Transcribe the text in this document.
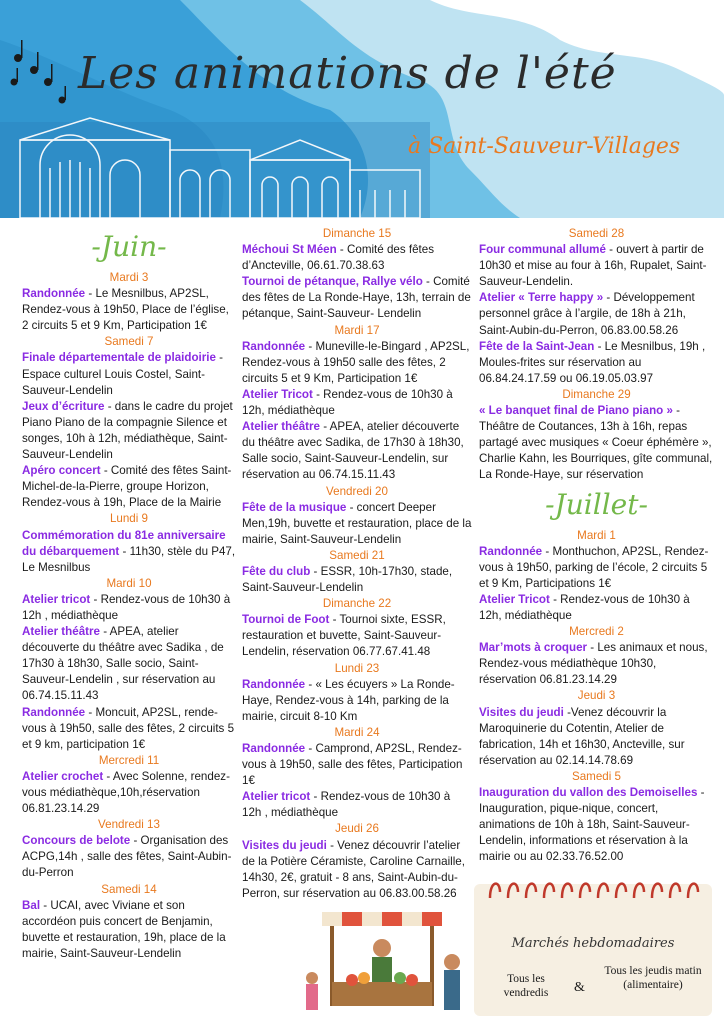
Les animations de l'été
à Saint-Sauveur-Villages
-Juin-
Mardi 3

Randonnée - Le Mesnilbus, AP2SL, Rendez-vous à 19h50, Place de l’église, 2 circuits 5 et 9 Km, Participation 1€

Samedi 7

Finale départementale de plaidoirie - Espace culturel Louis Costel, Saint-Sauveur-Lendelin

Jeux d’écriture - dans le cadre du projet Piano Piano de la compagnie Silence et songes, 10h à 12h, médiathèque, Saint-Sauveur-Lendelin

Apéro concert - Comité des fêtes Saint-Michel-de-la-Pierre, groupe Horizon, Rendez-vous à 19h, Place de la Mairie

Lundi 9

Commémoration du 81e anniversaire du débarquement - 11h30, stèle du P47, Le Mesnilbus

Mardi 10

Atelier tricot - Rendez-vous de 10h30 à 12h , médiathèque

Atelier théâtre - APEA, atelier découverte du théâtre avec Sadika , de 17h30 à 18h30, Salle socio, Saint-Sauveur-Lendelin , sur réservation au 06.74.15.11.43

Randonnée - Moncuit, AP2SL, rende-vous à 19h50, salle des fêtes, 2 circuits 5 et 9 km, participation 1€

Mercredi 11

Atelier crochet - Avec Solenne, rendez-vous médiathèque,10h,réservation 06.81.23.14.29

Vendredi 13

Concours de belote - Organisation des ACPG,14h , salle des fêtes, Saint-Aubin-du-Perron

Samedi 14

Bal - UCAI, avec Viviane et son accordéon puis concert de Benjamin, buvette et restauration, 19h, place de la mairie, Saint-Sauveur-Lendelin

Dimanche 15

Méchoui St Méen - Comité des fêtes d’Ancteville, 06.61.70.38.63

Tournoi de pétanque, Rallye vélo - Comité des fêtes de La Ronde-Haye, 13h, terrain de pétanque, Saint-Sauveur- Lendelin

Mardi 17

Randonnée - Muneville-le-Bingard , AP2SL, Rendez-vous à 19h50 salle des fêtes, 2 circuits 5 et 9 Km, Participation 1€

Atelier Tricot - Rendez-vous de 10h30 à 12h, médiathèque

Atelier théâtre - APEA, atelier découverte du théâtre avec Sadika, de 17h30 à 18h30, Salle socio, Saint-Sauveur-Lendelin, sur réservation au 06.74.15.11.43

Vendredi 20

Fête de la musique - concert Deeper Men,19h, buvette et restauration, place de la mairie, Saint-Sauveur-Lendelin

Samedi 21

Fête du club - ESSR, 10h-17h30, stade, Saint-Sauveur-Lendelin

Dimanche 22

Tournoi de Foot - Tournoi sixte, ESSR, restauration et buvette, Saint-Sauveur-Lendelin, réservation 06.77.67.41.48

Lundi 23

Randonnée - « Les écuyers » La Ronde-Haye, Rendez-vous à 14h, parking de la mairie, circuit 8-10 Km

Mardi 24

Randonnée - Camprond, AP2SL, Rendez-vous à 19h50, salle des fêtes, Participation 1€

Atelier tricot - Rendez-vous de 10h30 à 12h , médiathèque

Jeudi 26

Visites du jeudi - Venez découvrir l’atelier de la Potière Céramiste, Caroline Carnaille, 14h30, 2€, gratuit - 8 ans, Saint-Aubin-du-Perron, sur réservation au 06.83.00.58.26

Samedi 28

Four communal allumé - ouvert à partir de 10h30 et mise au four à 16h, Rupalet, Saint-Sauveur-Lendelin.

Atelier « Terre happy » - Développement personnel grâce à l’argile, de 18h à 21h, Saint-Aubin-du-Perron, 06.83.00.58.26

Fête de la Saint-Jean - Le Mesnilbus, 19h , Moules-frites sur réservation au 06.84.24.17.59 ou 06.19.05.03.97

Dimanche 29

« Le banquet final de Piano piano » - Théâtre de Coutances, 13h à 16h, repas partagé avec musiques « Coeur éphémère », Charlie Kahn, les Bourriques, gîte communal, La Ronde-Haye, sur réservation

-Juillet-
Mardi 1

Randonnée - Monthuchon, AP2SL, Rendez-vous à 19h50, parking de l’école, 2 circuits 5 et 9 Km, Participations 1€

Atelier Tricot - Rendez-vous de 10h30 à 12h, médiathèque

Mercredi 2

Mar’mots à croquer - Les animaux et nous, Rendez-vous médiathèque 10h30, réservation 06.81.23.14.29

Jeudi 3

Visites du jeudi -Venez découvrir la Maroquinerie du Cotentin, Atelier de fabrication, 14h et 16h30, Ancteville, sur réservation au 02.14.14.78.69

Samedi 5

Inauguration du vallon des Demoiselles - Inauguration, pique-nique, concert, animations de 10h à 18h, Saint-Sauveur-Lendelin, informations et réservation à la mairie ou au 02.33.76.52.00

Marchés hebdomadaires
Tous les vendredis	&
Tous les jeudis matin (alimentaire)
